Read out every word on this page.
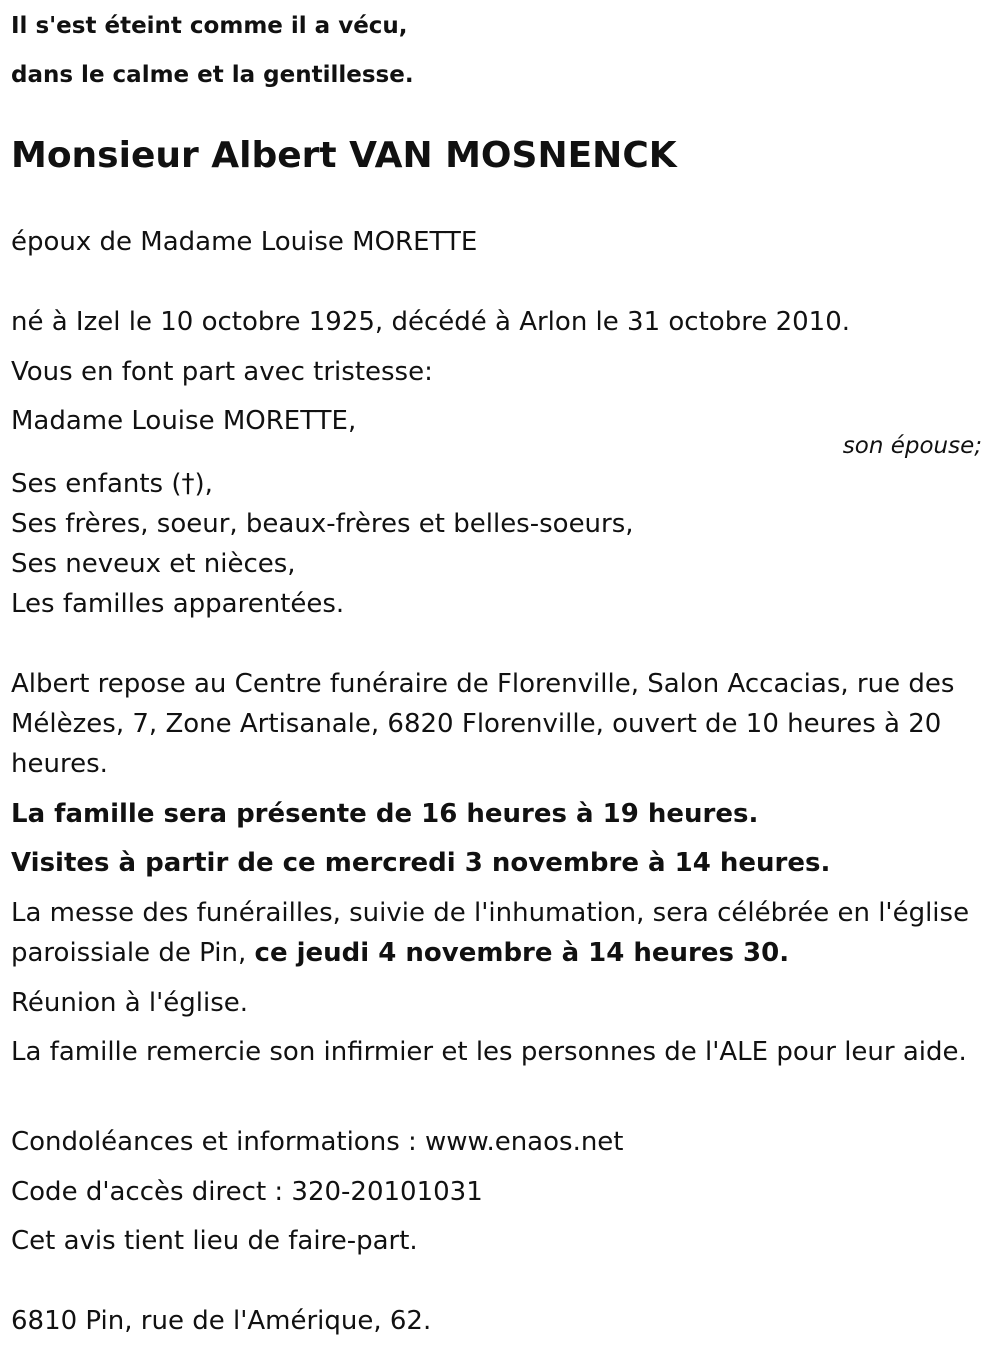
Il s'est éteint comme il a vécu,
dans le calme et la gentillesse.
Monsieur Albert VAN MOSNENCK
époux de Madame Louise MORETTE
né à Izel le 10 octobre 1925, décédé à Arlon le 31 octobre 2010.
Vous en font part avec tristesse:
Madame Louise MORETTE,
son épouse;
Ses enfants (†),
Ses frères, soeur, beaux-frères et belles-soeurs,
Ses neveux et nièces,
Les familles apparentées.
Albert repose au Centre funéraire de Florenville, Salon Accacias, rue des Mélèzes, 7, Zone Artisanale, 6820 Florenville, ouvert de 10 heures à 20 heures.
La famille sera présente de 16 heures à 19 heures.
Visites à partir de ce mercredi 3 novembre à 14 heures.
La messe des funérailles, suivie de l'inhumation, sera célébrée en l'église paroissiale de Pin, ce jeudi 4 novembre à 14 heures 30.
Réunion à l'église.
La famille remercie son infirmier et les personnes de l'ALE pour leur aide.
Condoléances et informations : www.enaos.net
Code d'accès direct : 320-20101031
Cet avis tient lieu de faire-part.
6810 Pin, rue de l'Amérique, 62.
